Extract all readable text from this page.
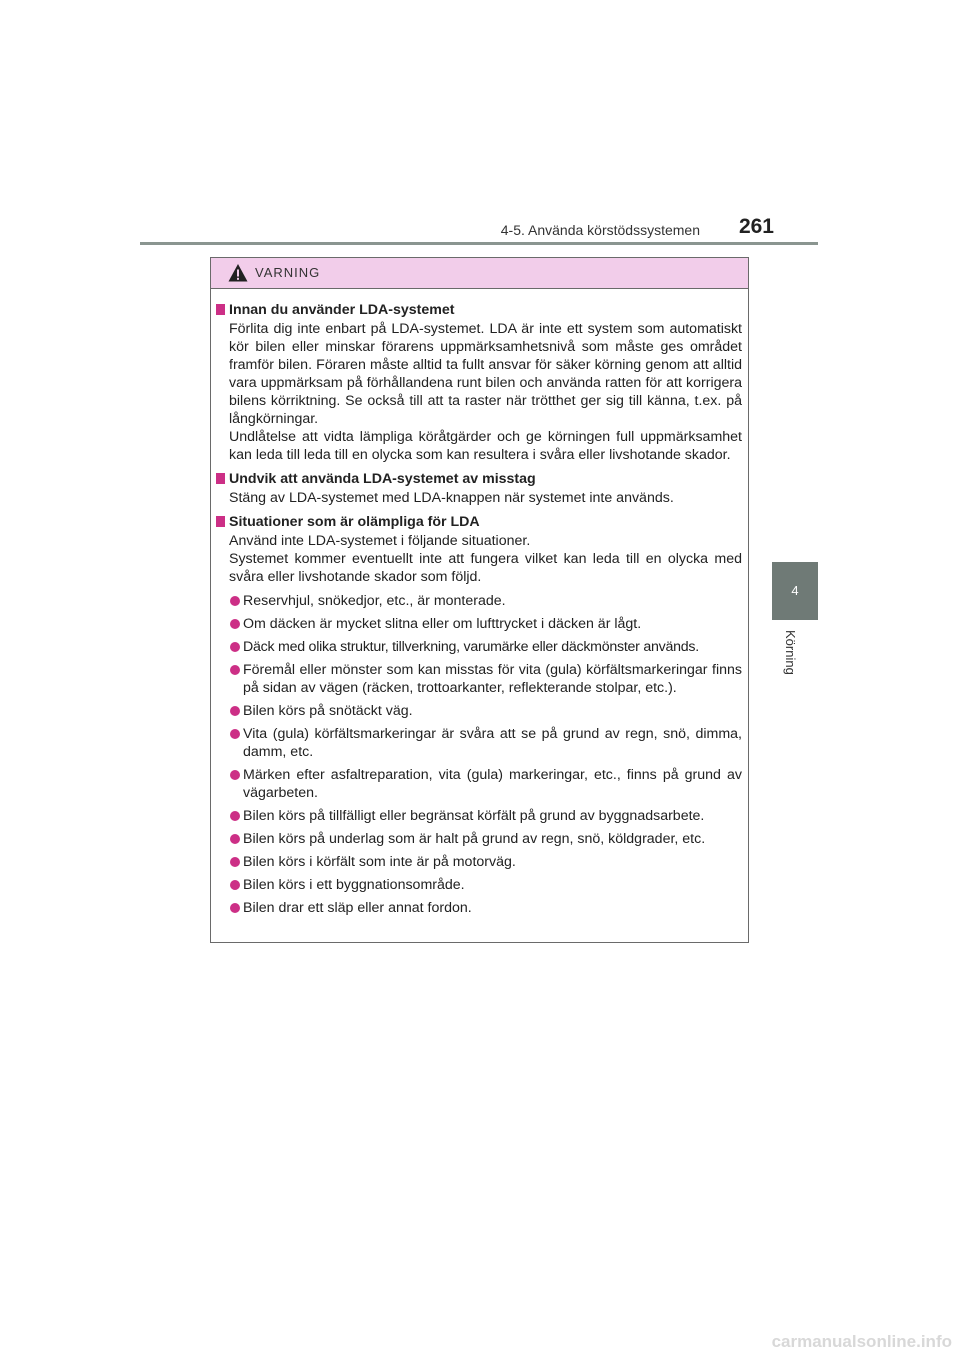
4-5. Använda körstödssystemen 261
4
Körning
VARNING
Innan du använder LDA-systemet
Förlita dig inte enbart på LDA-systemet. LDA är inte ett system som automatiskt kör bilen eller minskar förarens uppmärksamhetsnivå som måste ges området framför bilen. Föraren måste alltid ta fullt ansvar för säker körning genom att alltid vara uppmärksam på förhållandena runt bilen och använda ratten för att korrigera bilens körriktning. Se också till att ta raster när trötthet ger sig till känna, t.ex. på långkörningar.
Undlåtelse att vidta lämpliga köråtgärder och ge körningen full uppmärksamhet kan leda till leda till en olycka som kan resultera i svåra eller livshotande skador.
Undvik att använda LDA-systemet av misstag
Stäng av LDA-systemet med LDA-knappen när systemet inte används.
Situationer som är olämpliga för LDA
Använd inte LDA-systemet i följande situationer.
Systemet kommer eventuellt inte att fungera vilket kan leda till en olycka med svåra eller livshotande skador som följd.
Reservhjul, snökedjor, etc., är monterade.
Om däcken är mycket slitna eller om lufttrycket i däcken är lågt.
Däck med olika struktur, tillverkning, varumärke eller däckmönster används.
Föremål eller mönster som kan misstas för vita (gula) körfältsmarkeringar finns på sidan av vägen (räcken, trottoarkanter, reflekterande stolpar, etc.).
Bilen körs på snötäckt väg.
Vita (gula) körfältsmarkeringar är svåra att se på grund av regn, snö, dimma, damm, etc.
Märken efter asfaltreparation, vita (gula) markeringar, etc., finns på grund av vägarbeten.
Bilen körs på tillfälligt eller begränsat körfält på grund av byggnadsarbete.
Bilen körs på underlag som är halt på grund av regn, snö, köldgrader, etc.
Bilen körs i körfält som inte är på motorväg.
Bilen körs i ett byggnationsområde.
Bilen drar ett släp eller annat fordon.
carmanualsonline.info
